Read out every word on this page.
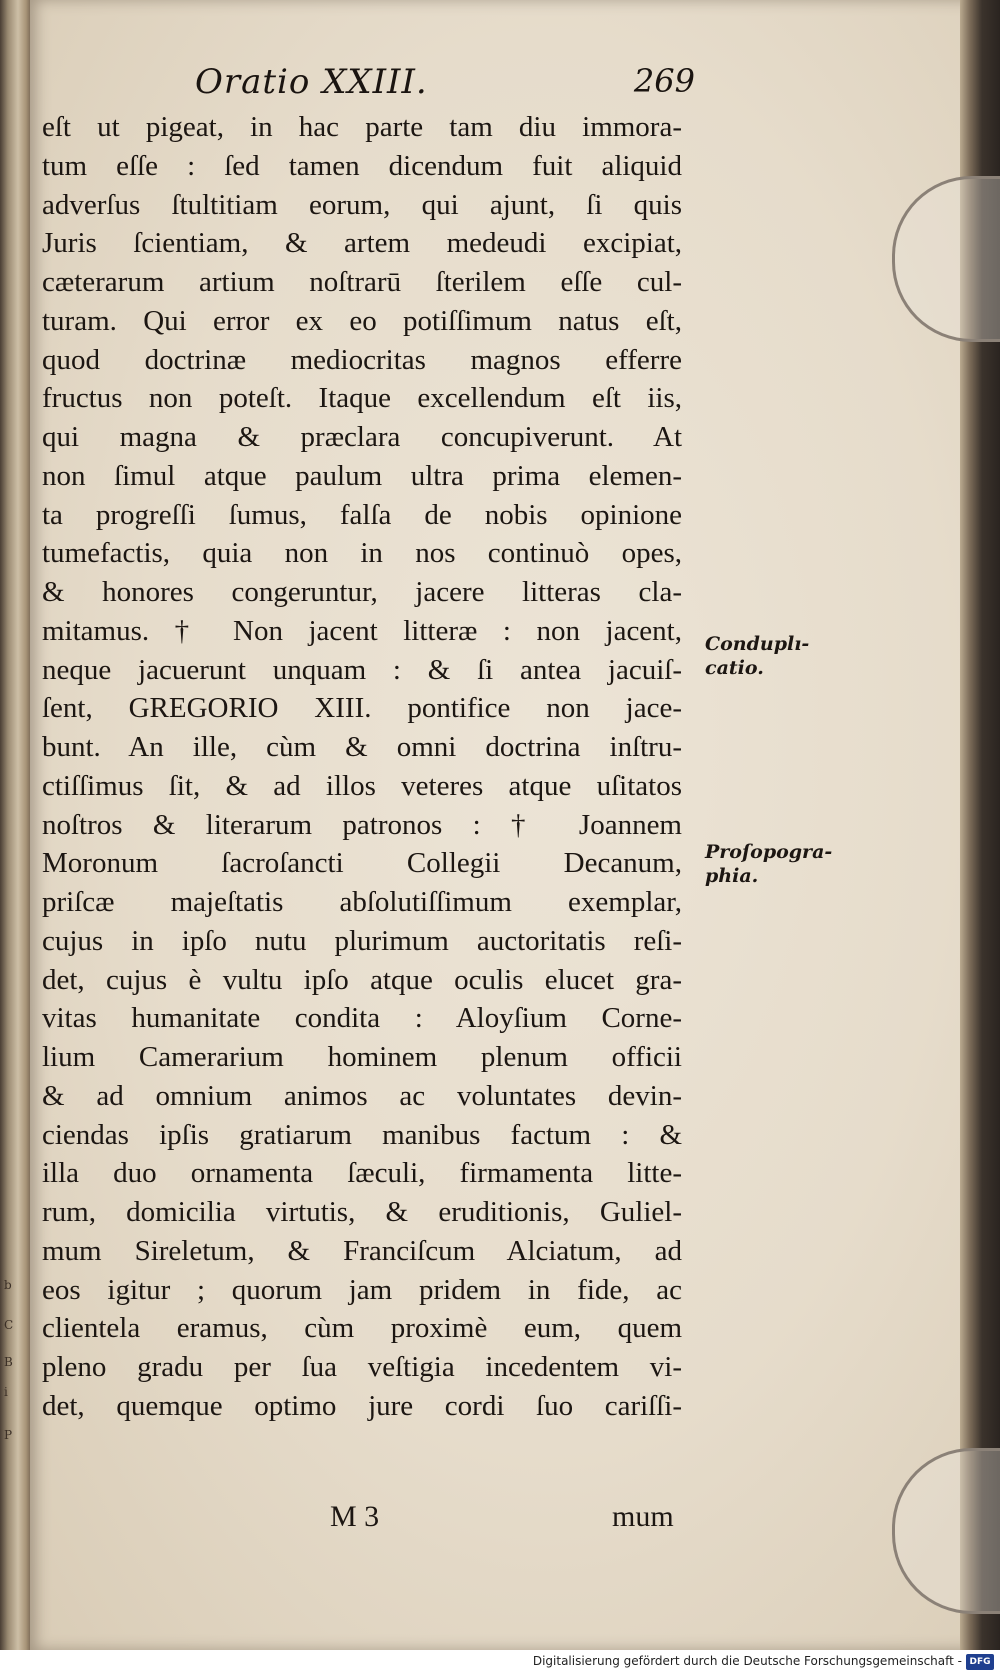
b
C
B
i
P
Oratio XXIII.	269
eſt ut pigeat, in hac parte tam diu immora-
tum eſſe : ſed tamen dicendum fuit aliquid
adverſus ſtultitiam eorum, qui ajunt, ſi quis
Juris ſcientiam, & artem medeudi excipiat,
cæterarum artium noſtrarū ſterilem eſſe cul-
turam. Qui error ex eo potiſſimum natus eſt,
quod doctrinæ mediocritas magnos efferre
fructus non poteſt. Itaque excellendum eſt iis,
qui magna & præclara concupiverunt. At
non ſimul atque paulum ultra prima elemen-
ta progreſſi ſumus, falſa de nobis opinione
tumefactis, quia non in nos continuò opes,
& honores congeruntur, jacere litteras cla-
mitamus. † Non jacent litteræ : non jacent,
neque jacuerunt unquam : & ſi antea jacuiſ-
ſent, GREGORIO XIII. pontifice non jace-
bunt. An ille, cùm & omni doctrina inſtru-
ctiſſimus ſit, & ad illos veteres atque uſitatos
noſtros & literarum patronos : † Joannem
Moronum ſacroſancti Collegii Decanum,
priſcæ majeſtatis abſolutiſſimum exemplar,
cujus in ipſo nutu plurimum auctoritatis reſi-
det, cujus è vultu ipſo atque oculis elucet gra-
vitas humanitate condita : Aloyſium Corne-
lium Camerarium hominem plenum officii
& ad omnium animos ac voluntates devin-
ciendas ipſis gratiarum manibus factum : &
illa duo ornamenta ſæculi, firmamenta litte-
rum, domicilia virtutis, & eruditionis, Guliel-
mum Sireletum, & Franciſcum Alciatum, ad
eos igitur ; quorum jam pridem in fide, ac
clientela eramus, cùm proximè eum, quem
pleno gradu per ſua veſtigia incedentem vi-
det, quemque optimo jure cordi ſuo cariſſi-
Conduplı-
catio.
Proſopogra-
phia.
M 3	mum
Digitalisierung gefördert durch die Deutsche Forschungsgemeinschaft - DFG
